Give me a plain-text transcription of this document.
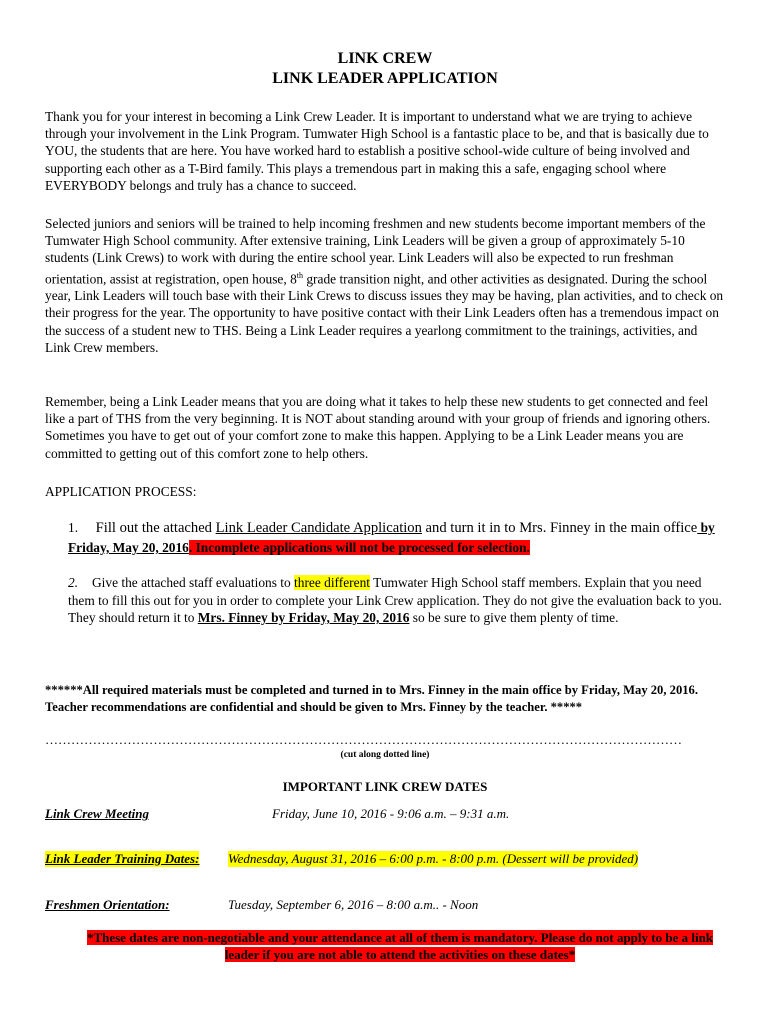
LINK CREW
LINK LEADER APPLICATION

Thank you for your interest in becoming a Link Crew Leader. It is important to understand what we are trying to achieve through your involvement in the Link Program. Tumwater High School is a fantastic place to be, and that is basically due to YOU, the students that are here. You have worked hard to establish a positive school-wide culture of being involved and supporting each other as a T-Bird family. This plays a tremendous part in making this a safe, engaging school where EVERYBODY belongs and truly has a chance to succeed.

Selected juniors and seniors will be trained to help incoming freshmen and new students become important members of the Tumwater High School community. After extensive training, Link Leaders will be given a group of approximately 5-10 students (Link Crews) to work with during the entire school year. Link Leaders will also be expected to run freshman orientation, assist at registration, open house, 8th grade transition night, and other activities as designated. During the school year, Link Leaders will touch base with their Link Crews to discuss issues they may be having, plan activities, and to check on their progress for the year. The opportunity to have positive contact with their Link Leaders often has a tremendous impact on the success of a student new to THS. Being a Link Leader requires a yearlong commitment to the trainings, activities, and Link Crew members.

Remember, being a Link Leader means that you are doing what it takes to help these new students to get connected and feel like a part of THS from the very beginning. It is NOT about standing around with your group of friends and ignoring others. Sometimes you have to get out of your comfort zone to make this happen. Applying to be a Link Leader means you are committed to getting out of this comfort zone to help others.

APPLICATION PROCESS:
1. Fill out the attached Link Leader Candidate Application and turn it in to Mrs. Finney in the main office by Friday, May 20, 2016. Incomplete applications will not be processed for selection.
2. Give the attached staff evaluations to three different Tumwater High School staff members. Explain that you need them to fill this out for you in order to complete your Link Crew application. They do not give the evaluation back to you. They should return it to Mrs. Finney by Friday, May 20, 2016 so be sure to give them plenty of time.
******All required materials must be completed and turned in to Mrs. Finney in the main office by Friday, May 20, 2016. Teacher recommendations are confidential and should be given to Mrs. Finney by the teacher. *****
…………………………………………………………………………………………………………………………………
(cut along dotted line)
IMPORTANT LINK CREW DATES
Link Crew Meeting	Friday, June 10, 2016 - 9:06 a.m. – 9:31 a.m.
Link Leader Training Dates: Wednesday, August 31, 2016 – 6:00 p.m. - 8:00 p.m. (Dessert will be provided)
Freshmen Orientation:	Tuesday, September 6, 2016 – 8:00 a.m.. - Noon
*These dates are non-negotiable and your attendance at all of them is mandatory. Please do not apply to be a link leader if you are not able to attend the activities on these dates*
